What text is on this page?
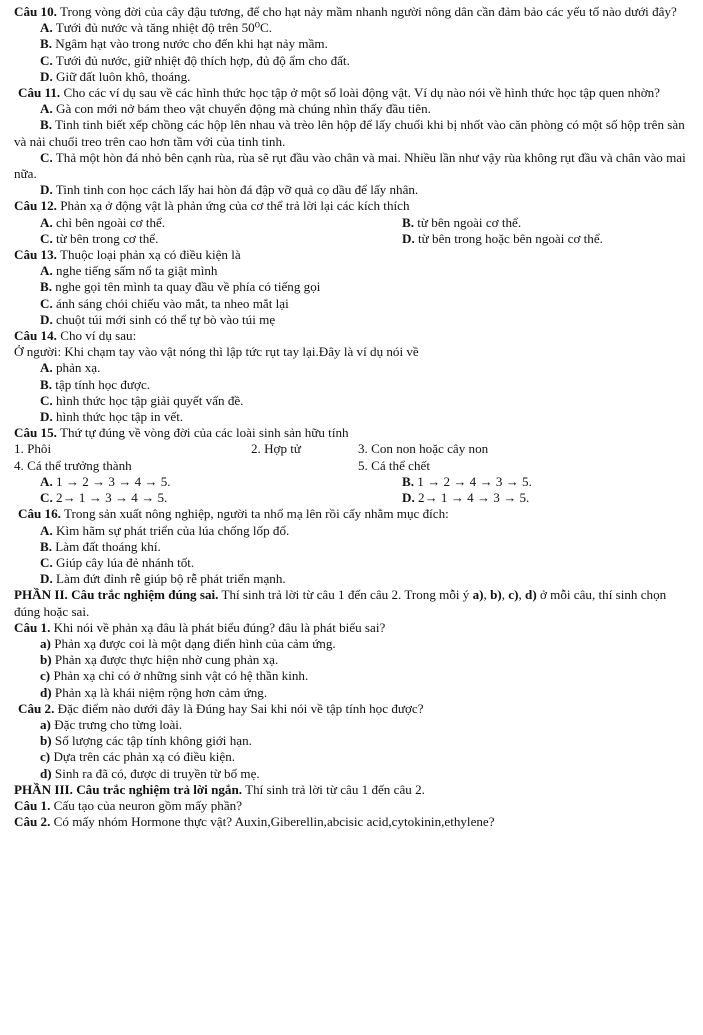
Câu 10. Trong vòng đời của cây đậu tương, để cho hạt nảy mầm nhanh người nông dân cần đảm bảo các yếu tố nào dưới đây?

A. Tưới đủ nước và tăng nhiệt độ trên 50⁰C.

B. Ngâm hạt vào trong nước cho đến khi hạt nảy mầm.

C. Tưới đủ nước, giữ nhiệt độ thích hợp, đủ độ ẩm cho đất.

D. Giữ đất luôn khô, thoáng.

Câu 11. Cho các ví dụ sau về các hình thức học tập ở một số loài động vật. Ví dụ nào nói về hình thức học tập quen nhờn?

A. Gà con mới nở bám theo vật chuyển động mà chúng nhìn thấy đầu tiên.

B. Tinh tinh biết xếp chồng các hộp lên nhau và trèo lên hộp để lấy chuối khi bị nhốt vào căn phòng có một số hộp trên sàn và nải chuối treo trên cao hơn tầm với của tinh tinh.

C. Thả một hòn đá nhỏ bên cạnh rùa, rùa sẽ rụt đầu vào chân và mai. Nhiều lần như vậy rùa không rụt đầu và chân vào mai nữa.

D. Tinh tinh con học cách lấy hai hòn đá đập vỡ quả cọ dầu để lấy nhân.

Câu 12. Phản xạ ở động vật là phản ứng của cơ thể trả lời lại các kích thích

A. chỉ bên ngoài cơ thể.	B. từ bên ngoài cơ thể.
C. từ bên trong cơ thể.	D. từ bên trong hoặc bên ngoài cơ thể.

Câu 13. Thuộc loại phản xạ có điều kiện là

A. nghe tiếng sấm nổ ta giật mình

B. nghe gọi tên mình ta quay đầu về phía có tiếng gọi

C. ánh sáng chói chiếu vào mắt, ta nheo mắt lại

D. chuột túi mới sinh có thể tự bò vào túi mẹ

Câu 14. Cho ví dụ sau:

Ở người: Khi chạm tay vào vật nóng thì lập tức rụt tay lại.Đây là ví dụ nói về

A. phản xạ.

B. tập tính học được.

C. hình thức học tập giải quyết vấn đề.

D. hình thức học tập in vết.

Câu 15. Thứ tự đúng về vòng đời của các loài sinh sản hữu tính

1. Phôi	2. Hợp tử	3. Con non hoặc cây non
4. Cá thể trưởng thành	5. Cá thể chết
A. 1 → 2 → 3 → 4 → 5.	B. 1 → 2 → 4 → 3 → 5.
C. 2→ 1 → 3 → 4 → 5.	D. 2→ 1 → 4 → 3 → 5.

Câu 16. Trong sản xuất nông nghiệp, người ta nhổ mạ lên rồi cấy nhằm mục đích:

A. Kìm hãm sự phát triển của lúa chống lốp đổ.

B. Làm đất thoáng khí.

C. Giúp cây lúa đẻ nhánh tốt.

D. Làm đứt đỉnh rễ giúp bộ rễ phát triển mạnh.

PHẦN II. Câu trắc nghiệm đúng sai. Thí sinh trả lời từ câu 1 đến câu 2. Trong mỗi ý a), b), c), d) ở mỗi câu, thí sinh chọn đúng hoặc sai.

Câu 1. Khi nói về phản xạ đâu là phát biểu đúng? đâu là phát biểu sai?

a) Phản xạ được coi là một dạng điển hình của cảm ứng.

b) Phản xạ được thực hiện nhờ cung phản xạ.

c) Phản xạ chỉ có ở những sinh vật có hệ thần kinh.

d) Phản xạ là khái niệm rộng hơn cảm ứng.

Câu 2. Đặc điểm nào dưới đây là Đúng hay Sai khi nói về tập tính học được?

a) Đặc trưng cho từng loài.

b) Số lượng các tập tính không giới hạn.

c) Dựa trên các phản xạ có điều kiện.

d) Sinh ra đã có, được di truyền từ bố mẹ.

PHẦN III. Câu trắc nghiệm trả lời ngắn. Thí sinh trả lời từ câu 1 đến câu 2.

Câu 1. Cấu tạo của neuron gồm mấy phần?

Câu 2. Có mấy nhóm Hormone thực vật? Auxin,Giberellin,abcisic acid,cytokinin,ethylene?
